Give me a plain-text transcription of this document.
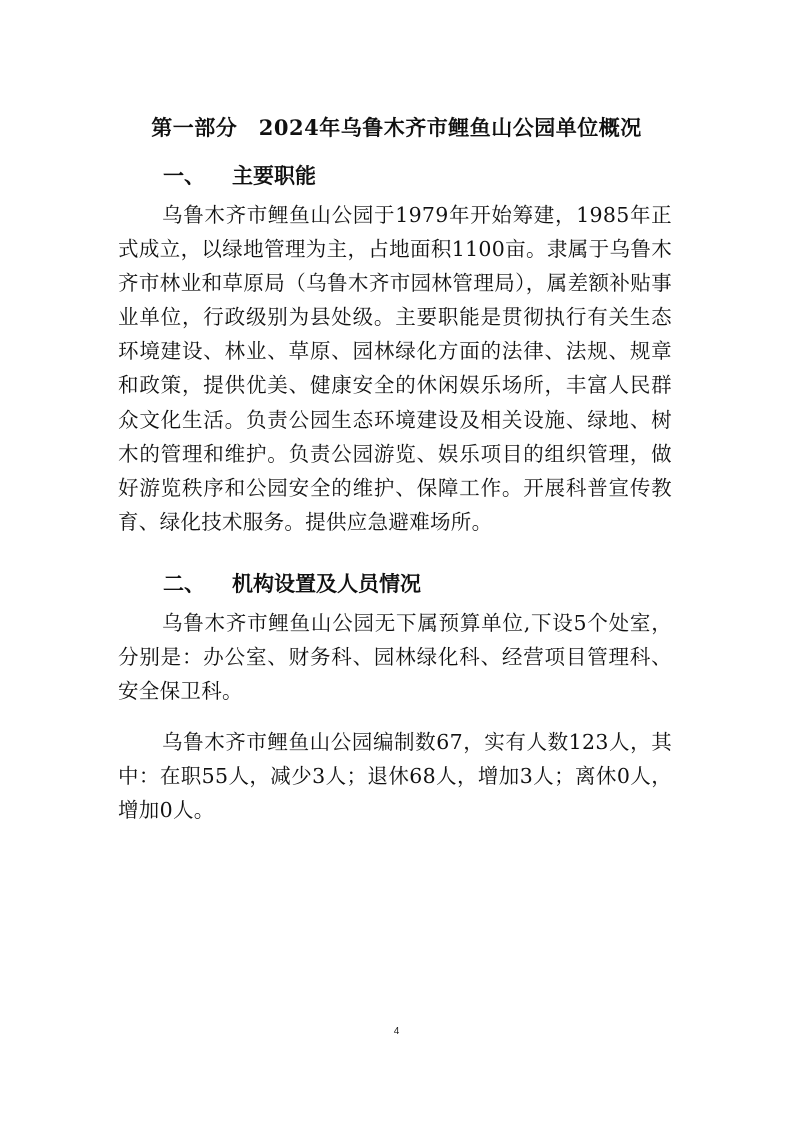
第一部分　2024年乌鲁木齐市鲤鱼山公园单位概况
一、 主要职能
乌鲁木齐市鲤鱼山公园于1979年开始筹建，1985年正式成立，以绿地管理为主，占地面积1100亩。隶属于乌鲁木齐市林业和草原局（乌鲁木齐市园林管理局），属差额补贴事业单位，行政级别为县处级。主要职能是贯彻执行有关生态环境建设、林业、草原、园林绿化方面的法律、法规、规章和政策，提供优美、健康安全的休闲娱乐场所，丰富人民群众文化生活。负责公园生态环境建设及相关设施、绿地、树木的管理和维护。负责公园游览、娱乐项目的组织管理，做好游览秩序和公园安全的维护、保障工作。开展科普宣传教育、绿化技术服务。提供应急避难场所。
二、 机构设置及人员情况
乌鲁木齐市鲤鱼山公园无下属预算单位,下设5个处室，分别是：办公室、财务科、园林绿化科、经营项目管理科、安全保卫科。
乌鲁木齐市鲤鱼山公园编制数67，实有人数123人，其中：在职55人，减少3人；退休68人，增加3人；离休0人，增加0人。
4
